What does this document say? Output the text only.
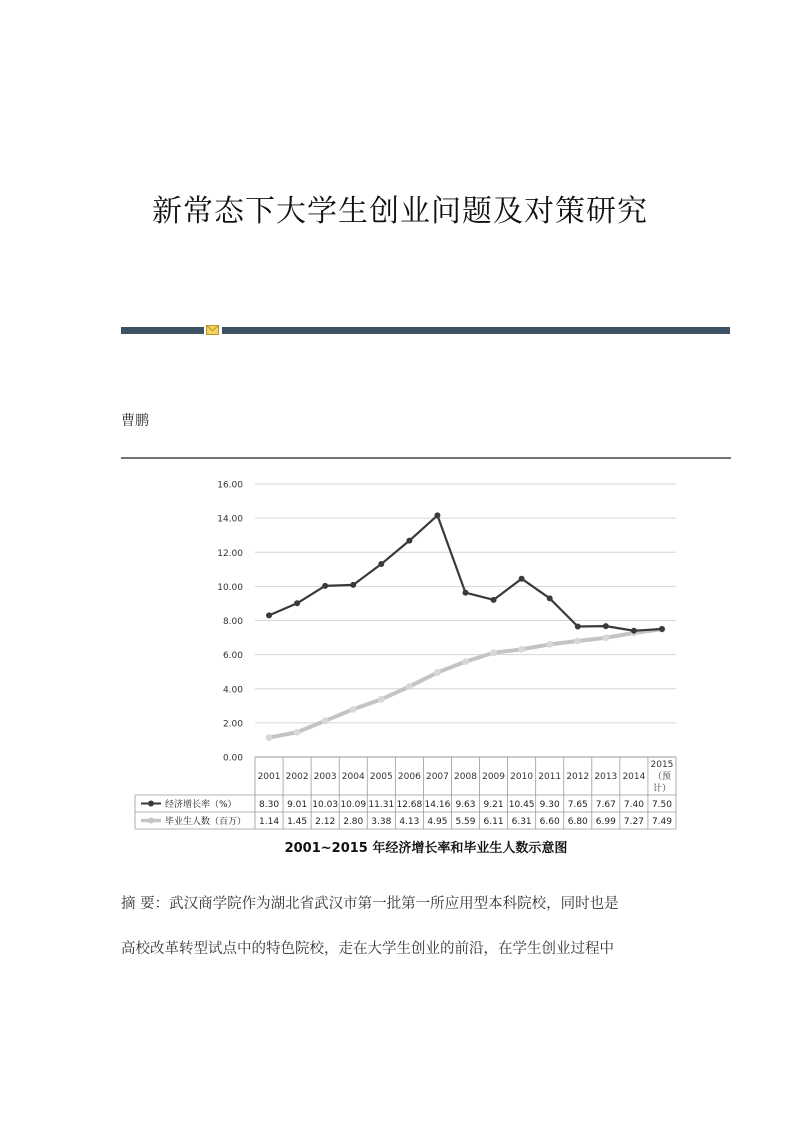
新常态下大学生创业问题及对策研究
曹鹏
0.00
2.00
4.00
6.00
8.00
10.00
12.00
14.00
16.00
2001 2002 2003 2004 2005 2006 2007 2008 2009 2010 2011 2012 2013 2014
2015
（预
计）
经济增长率（%） 8.30 9.01 10.03 10.09 11.31 12.68 14.16 9.63 9.21 10.45 9.30 7.65 7.67 7.40 7.50
毕业生人数（百万） 1.14 1.45 2.12 2.80 3.38 4.13 4.95 5.59 6.11 6.31 6.60 6.80 6.99 7.27 7.49
2001~2015 年经济增长率和毕业生人数示意图
摘 要：武汉商学院作为湖北省武汉市第一批第一所应用型本科院校，同时也是
高校改革转型试点中的特色院校，走在大学生创业的前沿，在学生创业过程中
